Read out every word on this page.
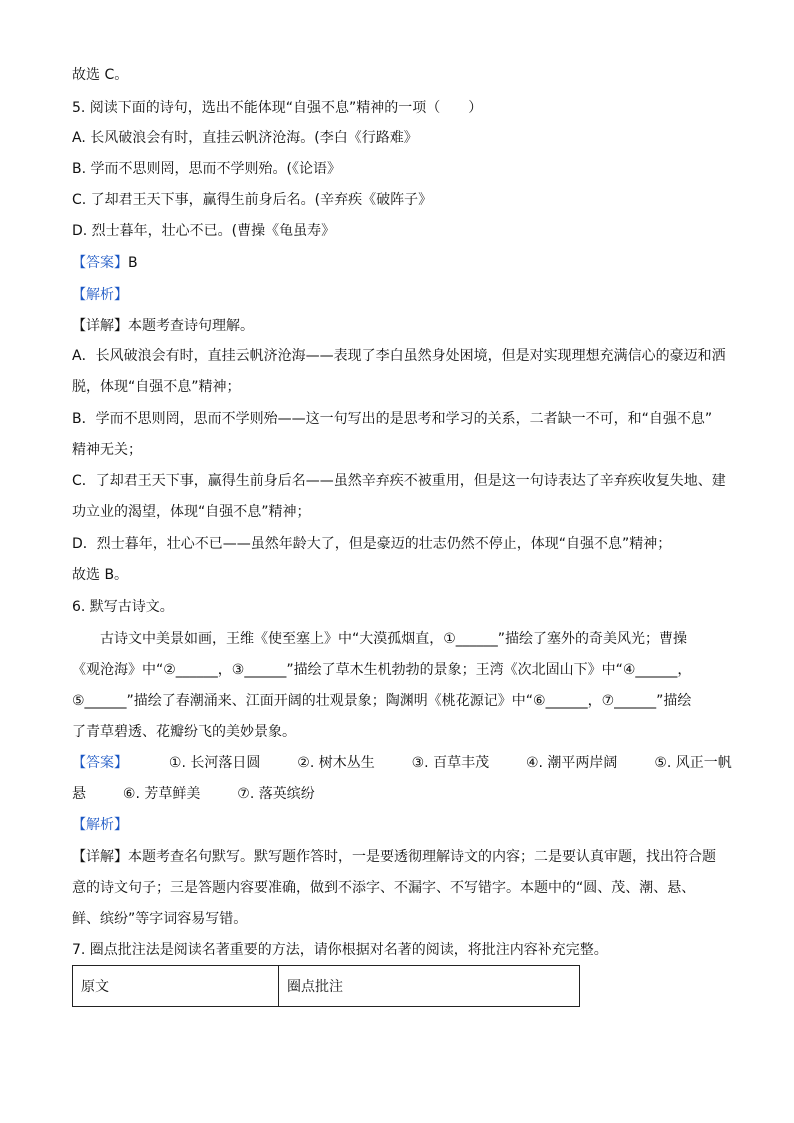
故选 C。
5. 阅读下面的诗句，选出不能体现“自强不息”精神的一项（　　）
A. 长风破浪会有时，直挂云帆济沧海。(李白《行路难》
B. 学而不思则罔，思而不学则殆。(《论语》
C. 了却君王天下事，赢得生前身后名。(辛弃疾《破阵子》
D. 烈士暮年，壮心不已。(曹操《龟虽寿》
【答案】B
【解析】
【详解】本题考查诗句理解。
A．长风破浪会有时，直挂云帆济沧海——表现了李白虽然身处困境，但是对实现理想充满信心的豪迈和洒
脱，体现“自强不息”精神；
B．学而不思则罔，思而不学则殆——这一句写出的是思考和学习的关系，二者缺一不可，和“自强不息”
精神无关；
C．了却君王天下事，赢得生前身后名——虽然辛弃疾不被重用，但是这一句诗表达了辛弃疾收复失地、建
功立业的渴望，体现“自强不息”精神；
D．烈士暮年，壮心不已——虽然年龄大了，但是豪迈的壮志仍然不停止，体现“自强不息”精神；
故选 B。
6. 默写古诗文。
　　古诗文中美景如画，王维《使至塞上》中“大漠孤烟直，①______”描绘了塞外的奇美风光；曹操
《观沧海》中“②______，③______”描绘了草木生机勃勃的景象；王湾《次北固山下》中“④______，
⑤______”描绘了春潮涌来、江面开阔的壮观景象；陶渊明《桃花源记》中“⑥______，⑦______”描绘
了青草碧透、花瓣纷飞的美妙景象。
【答案】	①. 长河落日圆	②. 树木丛生	③. 百草丰茂	④. 潮平两岸阔	⑤. 风正一帆
悬	⑥. 芳草鲜美	⑦. 落英缤纷
【解析】
【详解】本题考查名句默写。默写题作答时，一是要透彻理解诗文的内容；二是要认真审题，找出符合题
意的诗文句子；三是答题内容要准确，做到不添字、不漏字、不写错字。本题中的“圆、茂、潮、悬、
鲜、缤纷”等字词容易写错。
7. 圈点批注法是阅读名著重要的方法，请你根据对名著的阅读，将批注内容补充完整。
原文	圈点批注
